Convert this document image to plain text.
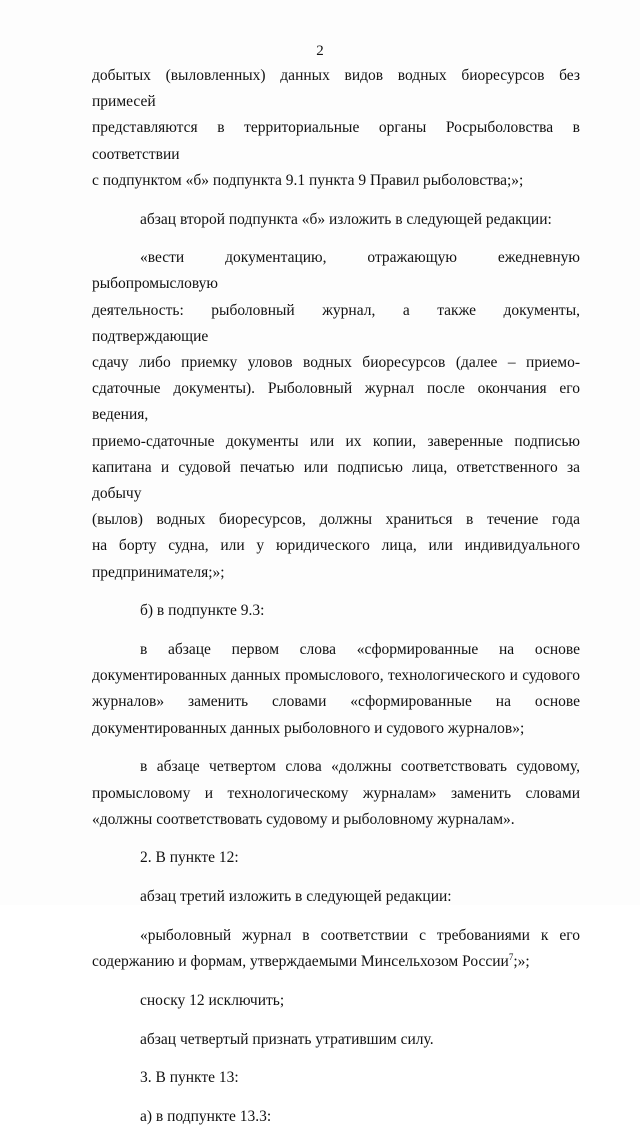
2

добытых (выловленных) данных видов водных биоресурсов без примесей

представляются в территориальные органы Росрыболовства в соответствии

с подпунктом «б» подпункта 9.1 пункта 9 Правил рыболовства;»;

абзац второй подпункта «б» изложить в следующей редакции:

«вести документацию, отражающую ежедневную рыбопромысловую

деятельность: рыболовный журнал, а также документы, подтверждающие

сдачу либо приемку уловов водных биоресурсов (далее – приемо-

сдаточные документы). Рыболовный журнал после окончания его ведения,

приемо-сдаточные документы или их копии, заверенные подписью

капитана и судовой печатью или подписью лица, ответственного за добычу

(вылов) водных биоресурсов, должны храниться в течение года

на борту судна, или у юридического лица, или индивидуального

предпринимателя;»;

б) в подпункте 9.3:

в абзаце первом слова «сформированные на основе

документированных данных промыслового, технологического и судового

журналов» заменить словами «сформированные на основе

документированных данных рыболовного и судового журналов»;

в абзаце четвертом слова «должны соответствовать судовому,

промысловому и технологическому журналам» заменить словами

«должны соответствовать судовому и рыболовному журналам».

2. В пункте 12:

абзац третий изложить в следующей редакции:

«рыболовный журнал в соответствии с требованиями к его

содержанию и формам, утверждаемыми Минсельхозом России$^7$;»;

сноску 12 исключить;

абзац четвертый признать утратившим силу.

3. В пункте 13:

а) в подпункте 13.3:
